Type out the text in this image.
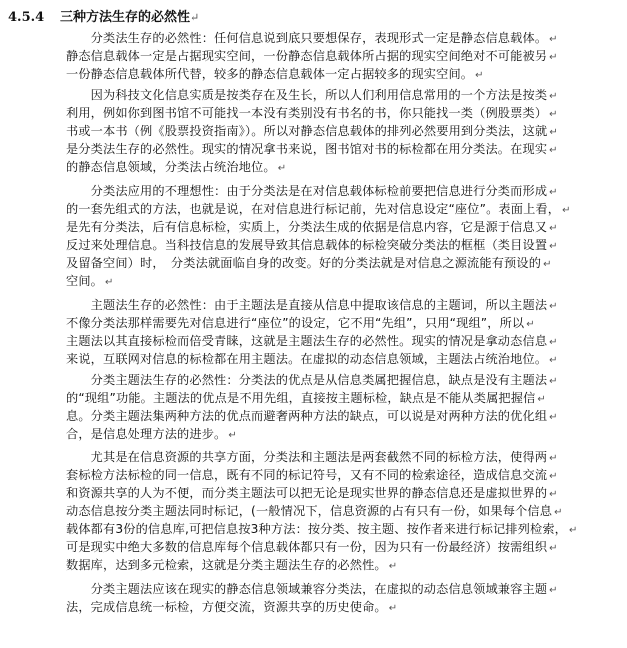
4.5.4 三种方法生存的必然性↵
　　分类法生存的必然性：任何信息说到底只要想保存，表现形式一定是静态信息载体。 ↵
静态信息载体一定是占据现实空间，一份静态信息载体所占据的现实空间绝对不可能被另 ↵
一份静态信息载体所代替，较多的静态信息载体一定占据较多的现实空间。 ↵
　　因为科技文化信息实质是按类存在及生长，所以人们利用信息常用的一个方法是按类 ↵
利用，例如你到图书馆不可能找一本没有类别没有书名的书，你只能找一类（例股票类） ↵
书或一本书（例《股票投资指南》）。所以对静态信息载体的排列必然要用到分类法，这就 ↵
是分类法生存的必然性。现实的情况拿书来说，图书馆对书的标检都在用分类法。在现实 ↵
的静态信息领域，分类法占统治地位。 ↵
　　分类法应用的不理想性：由于分类法是在对信息载体标检前要把信息进行分类而形成 ↵
的一套先组式的方法，也就是说，在对信息进行标记前，先对信息设定“座位”。表面上看， ↵
是先有分类法，后有信息标检，实质上，分类法生成的依据是信息内容，它是源于信息又 ↵
反过来处理信息。当科技信息的发展导致其信息载体的标检突破分类法的框框（类目设置 ↵
及留备空间）时，　分类法就面临自身的改变。好的分类法就是对信息之源流能有预设的 ↵
空间。 ↵
　　主题法生存的必然性：由于主题法是直接从信息中提取该信息的主题词，所以主题法 ↵
不像分类法那样需要先对信息进行“座位”的设定，它不用“先组”，只用“现组”，所以 ↵
主题法以其直接标检而倍受青睐，这就是主题法生存的必然性。现实的情况是拿动态信息 ↵
来说，互联网对信息的标检都在用主题法。在虚拟的动态信息领域，主题法占统治地位。 ↵
　　分类主题法生存的必然性：分类法的优点是从信息类属把握信息，缺点是没有主题法 ↵
的“现组”功能。主题法的优点是不用先组，直接按主题标检，缺点是不能从类属把握信 ↵
息。分类主题法集两种方法的优点而避奢两种方法的缺点，可以说是对两种方法的优化组 ↵
合，是信息处理方法的进步。 ↵
　　尤其是在信息资源的共享方面，分类法和主题法是两套截然不同的标检方法，使得两 ↵
套标检方法标检的同一信息，既有不同的标记符号，又有不同的检索途径，造成信息交流 ↵
和资源共享的人为不便，而分类主题法可以把无论是现实世界的静态信息还是虚拟世界的 ↵
动态信息按分类主题法同时标记，(一般情况下，信息资源的占有只有一份，如果每个信息 ↵
载体都有3份的信息库,可把信息按3种方法：按分类、按主题、按作者来进行标记排列检索， ↵
可是现实中绝大多数的信息库每个信息载体都只有一份，因为只有一份最经济）按需组织 ↵
数据库，达到多元检索，这就是分类主题法生存的必然性。 ↵
　　分类主题法应该在现实的静态信息领域兼容分类法，在虚拟的动态信息领域兼容主题 ↵
法，完成信息统一标检，方便交流，资源共享的历史使命。 ↵
